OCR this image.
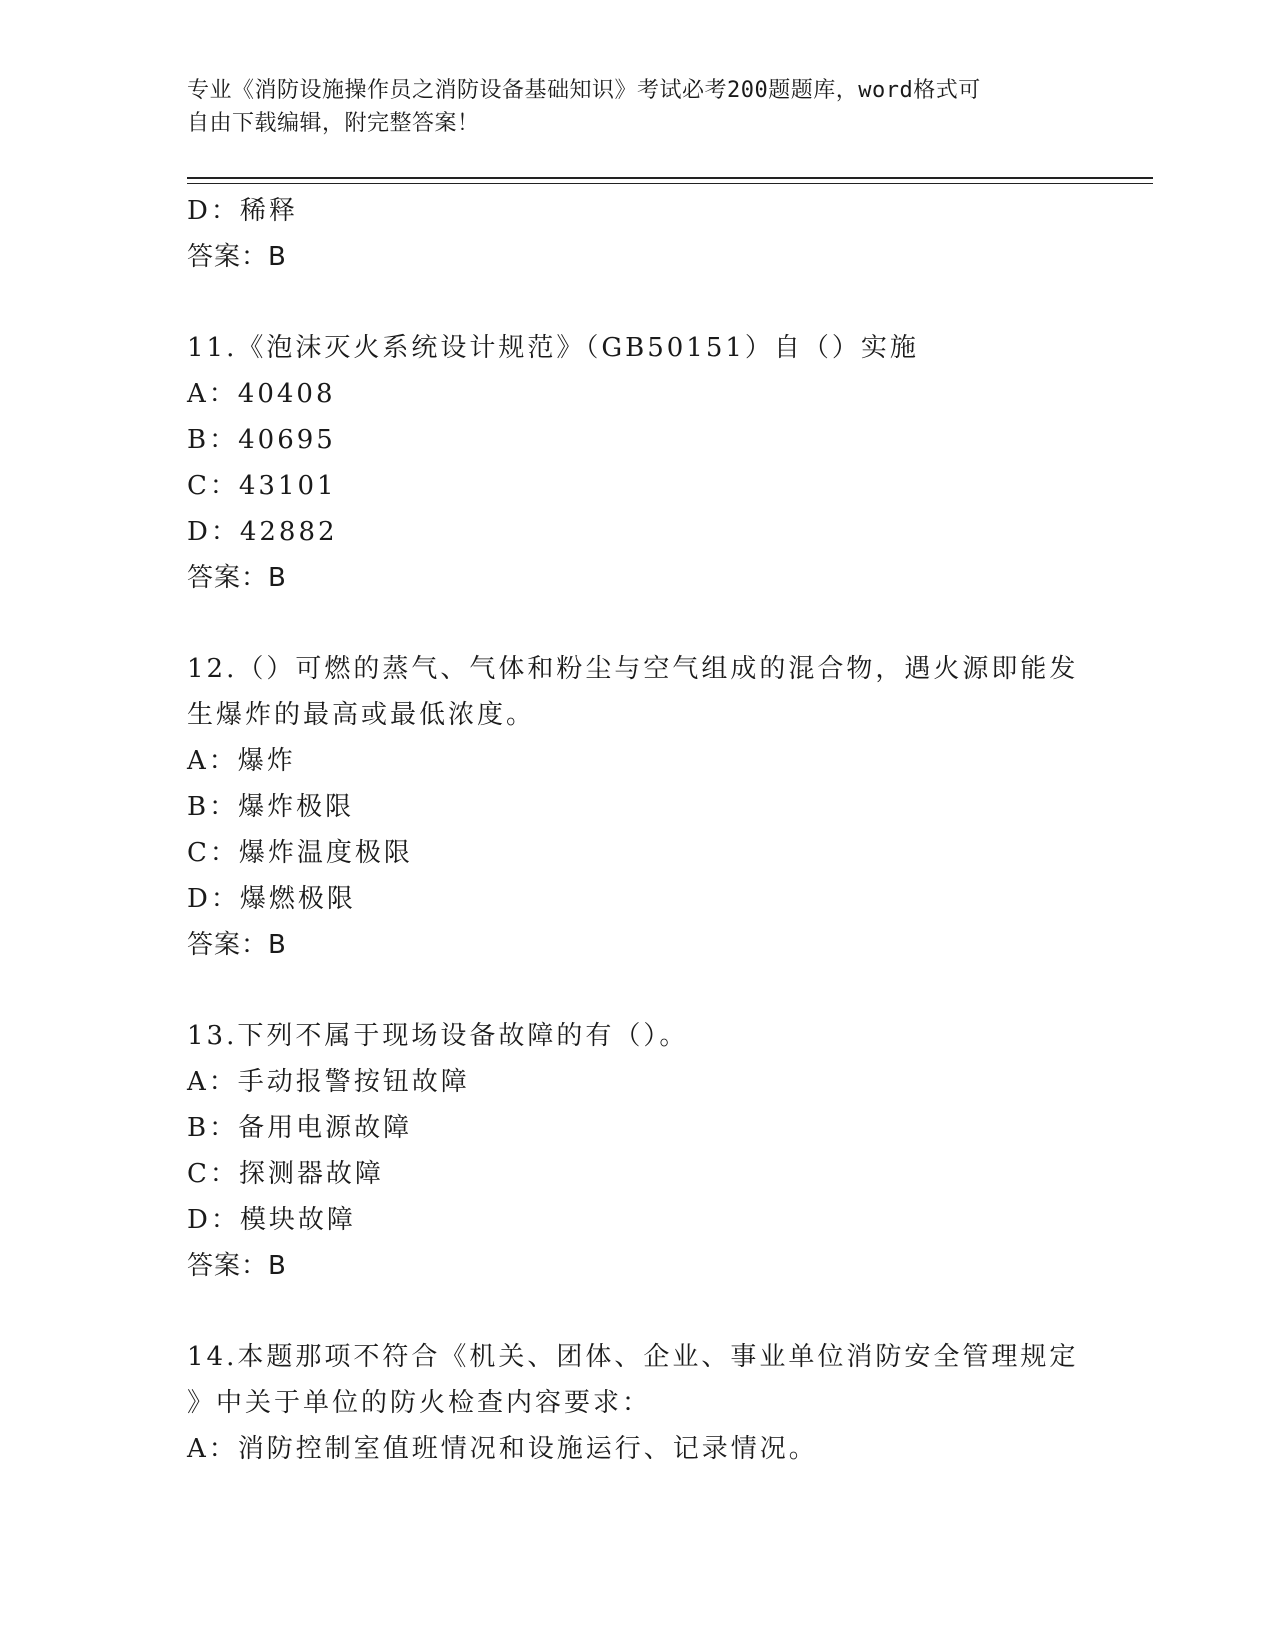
专业《消防设施操作员之消防设备基础知识》考试必考200题题库，word格式可
自由下载编辑，附完整答案！
D：稀释
答案：B
11.《泡沫灭火系统设计规范》（GB50151）自（）实施
A：40408
B：40695
C：43101
D：42882
答案：B
12.（）可燃的蒸气、气体和粉尘与空气组成的混合物，遇火源即能发
生爆炸的最高或最低浓度。
A：爆炸
B：爆炸极限
C：爆炸温度极限
D：爆燃极限
答案：B
13.下列不属于现场设备故障的有（）。
A：手动报警按钮故障
B：备用电源故障
C：探测器故障
D：模块故障
答案：B
14.本题那项不符合《机关、团体、企业、事业单位消防安全管理规定
》中关于单位的防火检查内容要求：
A：消防控制室值班情况和设施运行、记录情况。
